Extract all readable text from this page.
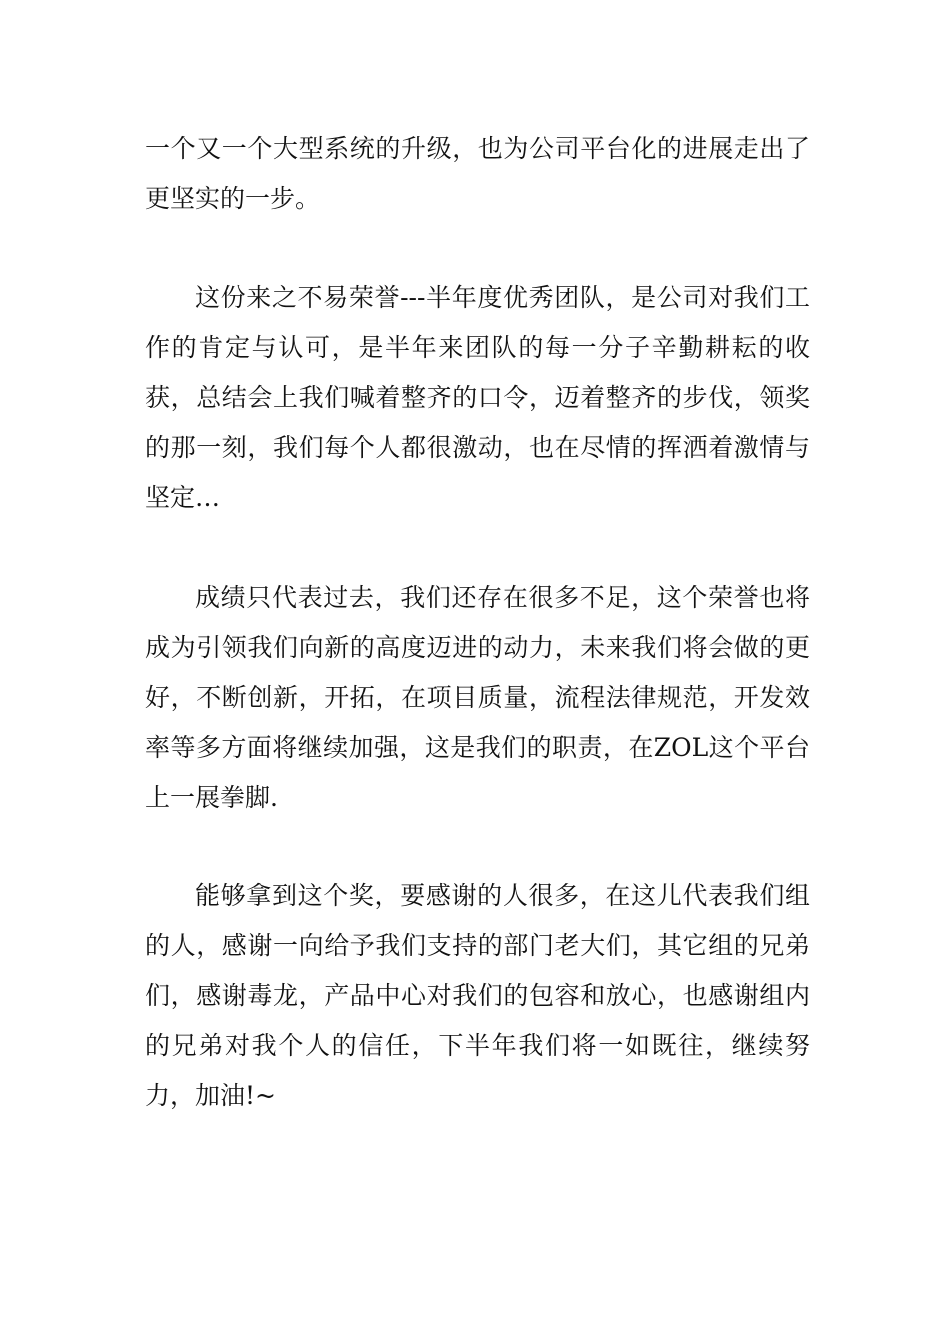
一个又一个大型系统的升级，也为公司平台化的进展走出了更坚实的一步。

这份来之不易荣誉---半年度优秀团队，是公司对我们工作的肯定与认可，是半年来团队的每一分子辛勤耕耘的收获，总结会上我们喊着整齐的口令，迈着整齐的步伐，领奖的那一刻，我们每个人都很激动，也在尽情的挥洒着激情与坚定…

成绩只代表过去，我们还存在很多不足，这个荣誉也将成为引领我们向新的高度迈进的动力，未来我们将会做的更好，不断创新，开拓，在项目质量，流程法律规范，开发效率等多方面将继续加强，这是我们的职责，在ZOL这个平台上一展拳脚.

能够拿到这个奖，要感谢的人很多，在这儿代表我们组的人，感谢一向给予我们支持的部门老大们，其它组的兄弟们，感谢毒龙，产品中心对我们的包容和放心，也感谢组内的兄弟对我个人的信任，下半年我们将一如既往，继续努力，加油!~
